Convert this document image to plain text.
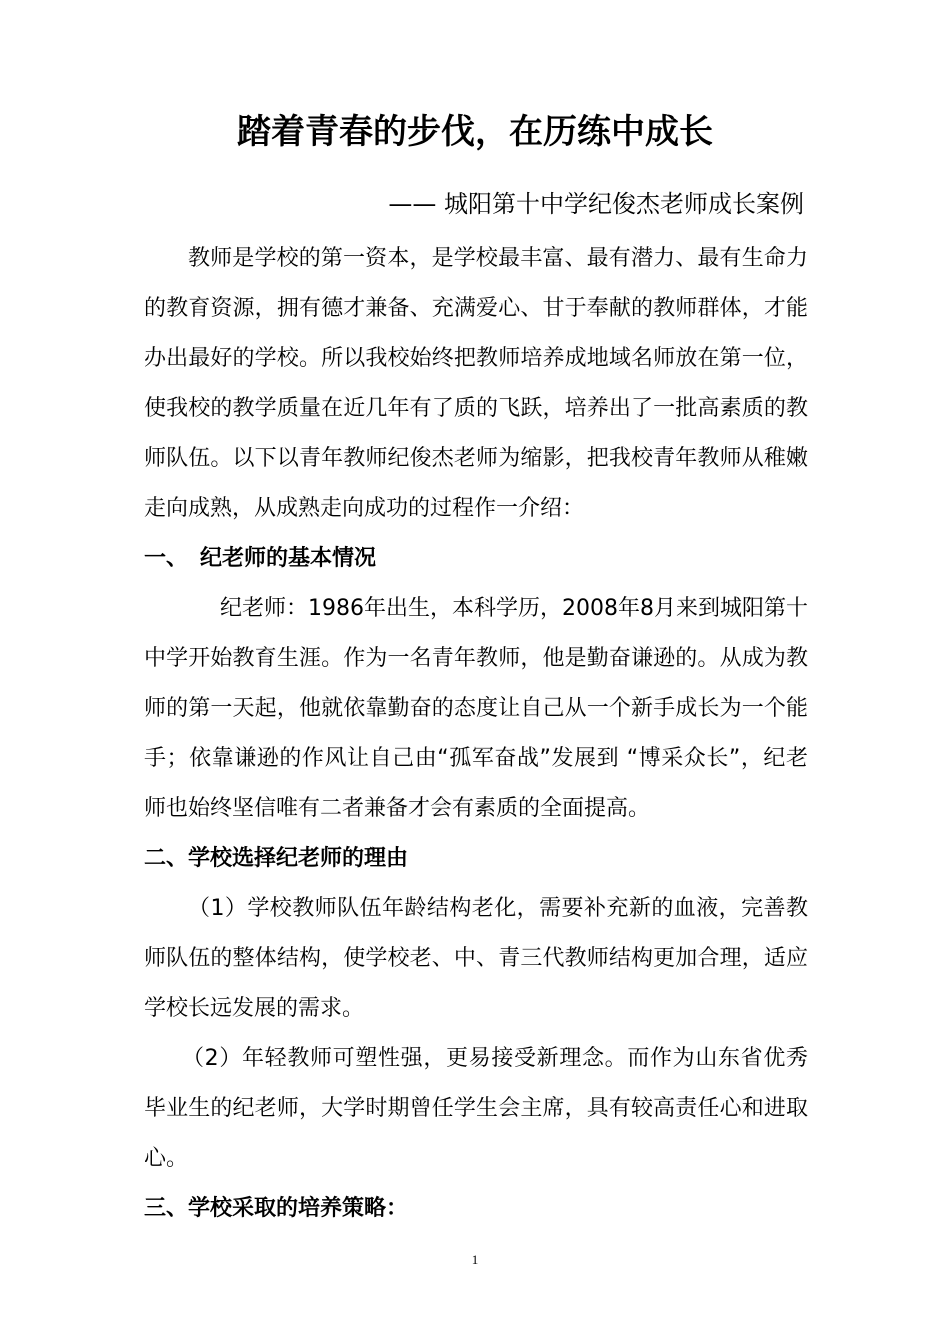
踏着青春的步伐，在历练中成长
—— 城阳第十中学纪俊杰老师成长案例

教师是学校的第一资本，是学校最丰富、最有潜力、最有生命力的教育资源，拥有德才兼备、充满爱心、甘于奉献的教师群体，才能办出最好的学校。所以我校始终把教师培养成地域名师放在第一位，使我校的教学质量在近几年有了质的飞跃，培养出了一批高素质的教师队伍。以下以青年教师纪俊杰老师为缩影，把我校青年教师从稚嫩走向成熟，从成熟走向成功的过程作一介绍：

一、 纪老师的基本情况

纪老师：1986年出生，本科学历，2008年8月来到城阳第十中学开始教育生涯。作为一名青年教师，他是勤奋谦逊的。从成为教师的第一天起，他就依靠勤奋的态度让自己从一个新手成长为一个能手；依靠谦逊的作风让自己由“孤军奋战”发展到 “博采众长”，纪老师也始终坚信唯有二者兼备才会有素质的全面提高。

二、学校选择纪老师的理由

（1）学校教师队伍年龄结构老化，需要补充新的血液，完善教师队伍的整体结构，使学校老、中、青三代教师结构更加合理，适应学校长远发展的需求。

（2）年轻教师可塑性强，更易接受新理念。而作为山东省优秀毕业生的纪老师，大学时期曾任学生会主席，具有较高责任心和进取心。

三、学校采取的培养策略：

1
